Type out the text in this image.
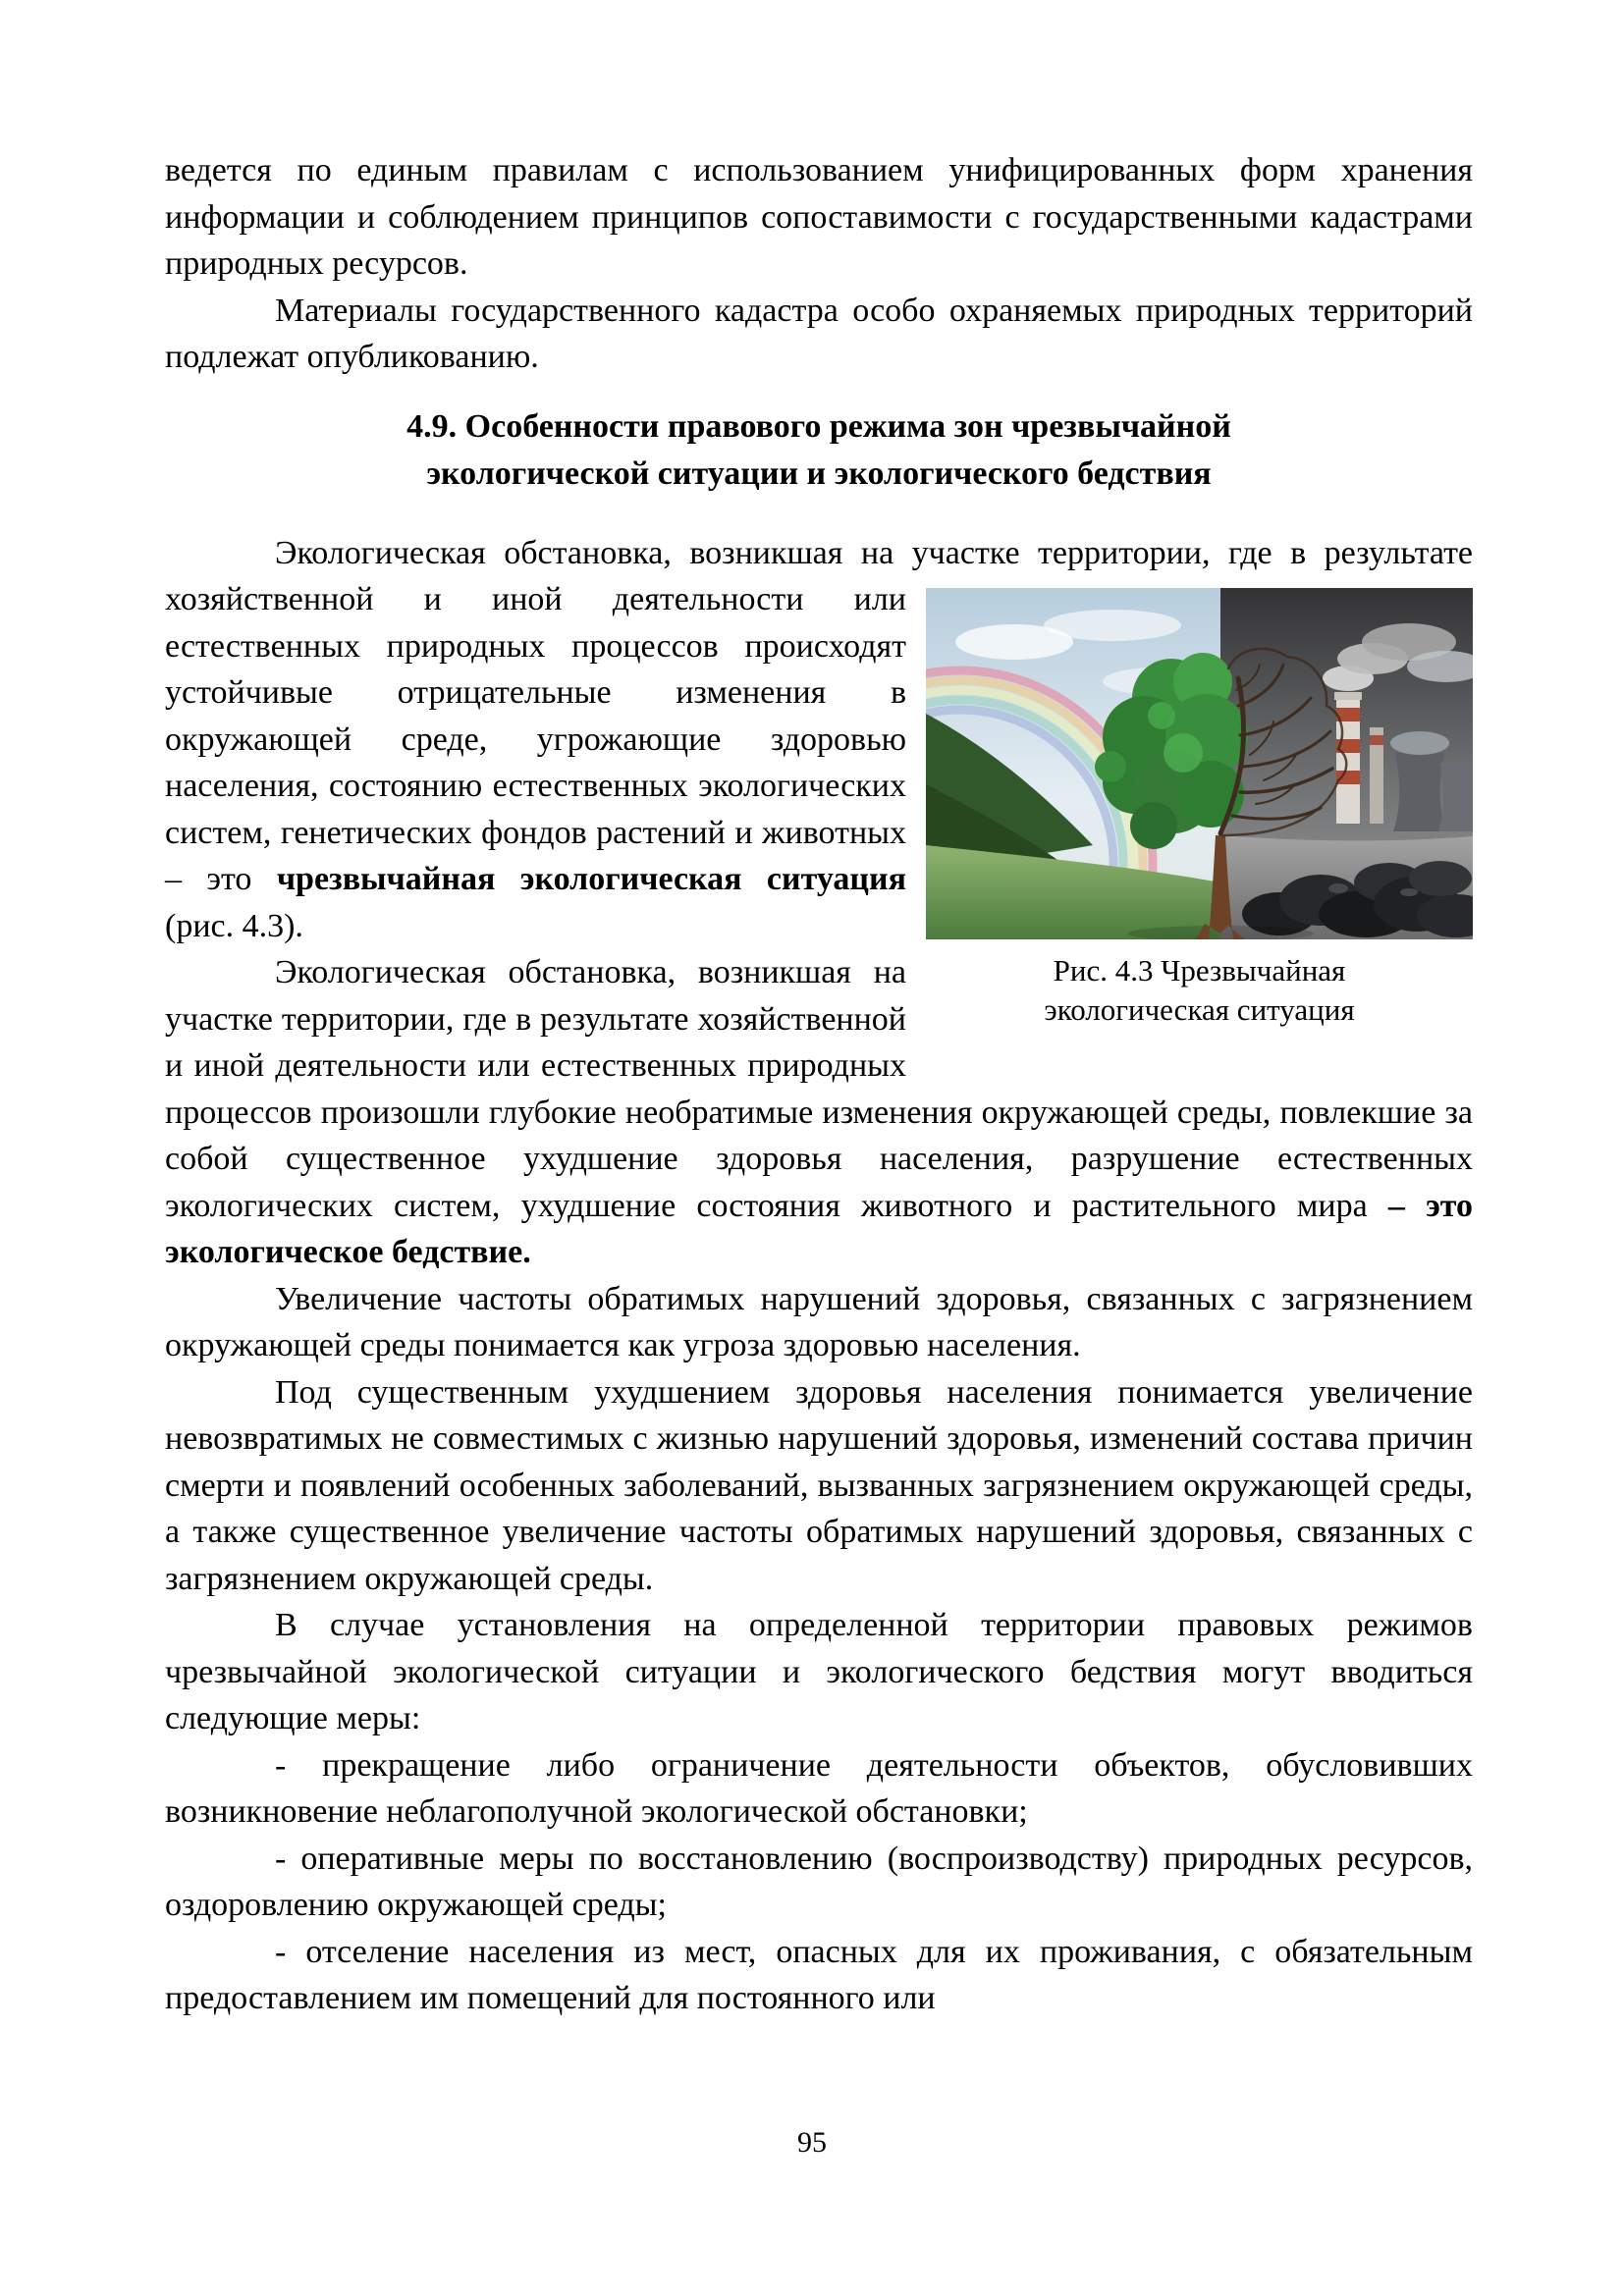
ведется по единым правилам с использованием унифицированных форм хранения информации и соблюдением принципов сопоставимости с государственными кадастрами природных ресурсов.

Материалы государственного кадастра особо охраняемых природных территорий подлежат опубликованию.

4.9. Особенности правового режима зон чрезвычайной
экологической ситуации и экологического бедствия

Экологическая обстановка, возникшая на участке территории, где в
Рис. 4.3 Чрезвычайная
экологическая ситуация
результате хозяйственной и иной деятельности или естественных природных процессов происходят устойчивые отрицательные изменения в окружающей среде, угрожающие здоровью населения, состоянию естественных экологических систем, генетических фондов растений и животных – это чрезвычайная экологическая ситуация (рис. 4.3).

Экологическая обстановка, возникшая на участке территории, где в результате хозяйственной и иной деятельности или естественных природных процессов произошли глубокие необратимые изменения окружающей среды, повлекшие за собой существенное ухудшение здоровья населения, разрушение естественных экологических систем, ухудшение состояния животного и растительного мира – это экологическое бедствие.

Увеличение частоты обратимых нарушений здоровья, связанных с загрязнением окружающей среды понимается как угроза здоровью населения.

Под существенным ухудшением здоровья населения понимается увеличение невозвратимых не совместимых с жизнью нарушений здоровья, изменений состава причин смерти и появлений особенных заболеваний, вызванных загрязнением окружающей среды, а также существенное увеличение частоты обратимых нарушений здоровья, связанных с загрязнением окружающей среды.

В случае установления на определенной территории правовых режимов чрезвычайной экологической ситуации и экологического бедствия могут вводиться следующие меры:

- прекращение либо ограничение деятельности объектов, обусловивших возникновение неблагополучной экологической обстановки;

- оперативные меры по восстановлению (воспроизводству) природных ресурсов, оздоровлению окружающей среды;

- отселение населения из мест, опасных для их проживания, с обязательным предоставлением им помещений для постоянного или

95
